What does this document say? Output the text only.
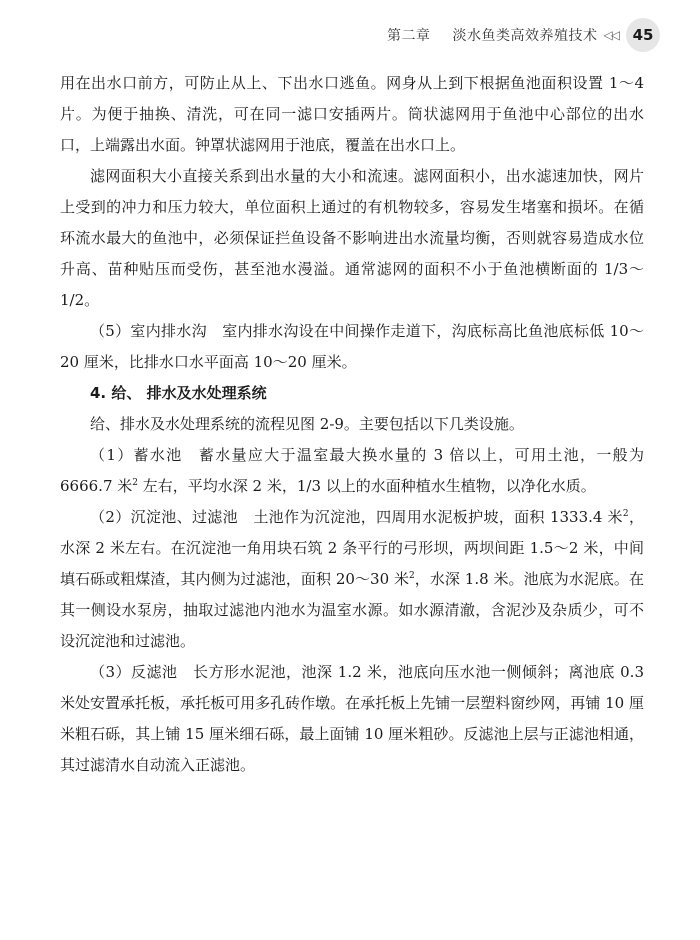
第二章 淡水鱼类高效养殖技术 ◁◁ 45

用在出水口前方，可防止从上、下出水口逃鱼。网身从上到下根据鱼池面积设置 1～4 片。为便于抽换、清洗，可在同一滤口安插两片。筒状滤网用于鱼池中心部位的出水口，上端露出水面。钟罩状滤网用于池底，覆盖在出水口上。

滤网面积大小直接关系到出水量的大小和流速。滤网面积小，出水滤速加快，网片上受到的冲力和压力较大，单位面积上通过的有机物较多，容易发生堵塞和损坏。在循环流水最大的鱼池中，必须保证拦鱼设备不影响进出水流量均衡，否则就容易造成水位升高、苗种贴压而受伤，甚至池水漫溢。通常滤网的面积不小于鱼池横断面的 1/3～1/2。

（5）室内排水沟　室内排水沟设在中间操作走道下，沟底标高比鱼池底标低 10～20 厘米，比排水口水平面高 10～20 厘米。

4. 给、 排水及水处理系统

给、排水及水处理系统的流程见图 2-9。主要包括以下几类设施。

（1）蓄水池　蓄水量应大于温室最大换水量的 3 倍以上，可用土池，一般为 6666.7 米$^2$ 左右，平均水深 2 米，1/3 以上的水面种植水生植物，以净化水质。

（2）沉淀池、过滤池　土池作为沉淀池，四周用水泥板护坡，面积 1333.4 米$^2$，水深 2 米左右。在沉淀池一角用块石筑 2 条平行的弓形坝，两坝间距 1.5～2 米，中间填石砾或粗煤渣，其内侧为过滤池，面积 20～30 米$^2$，水深 1.8 米。池底为水泥底。在其一侧设水泵房，抽取过滤池内池水为温室水源。如水源清澈，含泥沙及杂质少，可不设沉淀池和过滤池。

（3）反滤池　长方形水泥池，池深 1.2 米，池底向压水池一侧倾斜；离池底 0.3 米处安置承托板，承托板可用多孔砖作墩。在承托板上先铺一层塑料窗纱网，再铺 10 厘米粗石砾，其上铺 15 厘米细石砾，最上面铺 10 厘米粗砂。反滤池上层与正滤池相通，其过滤清水自动流入正滤池。
